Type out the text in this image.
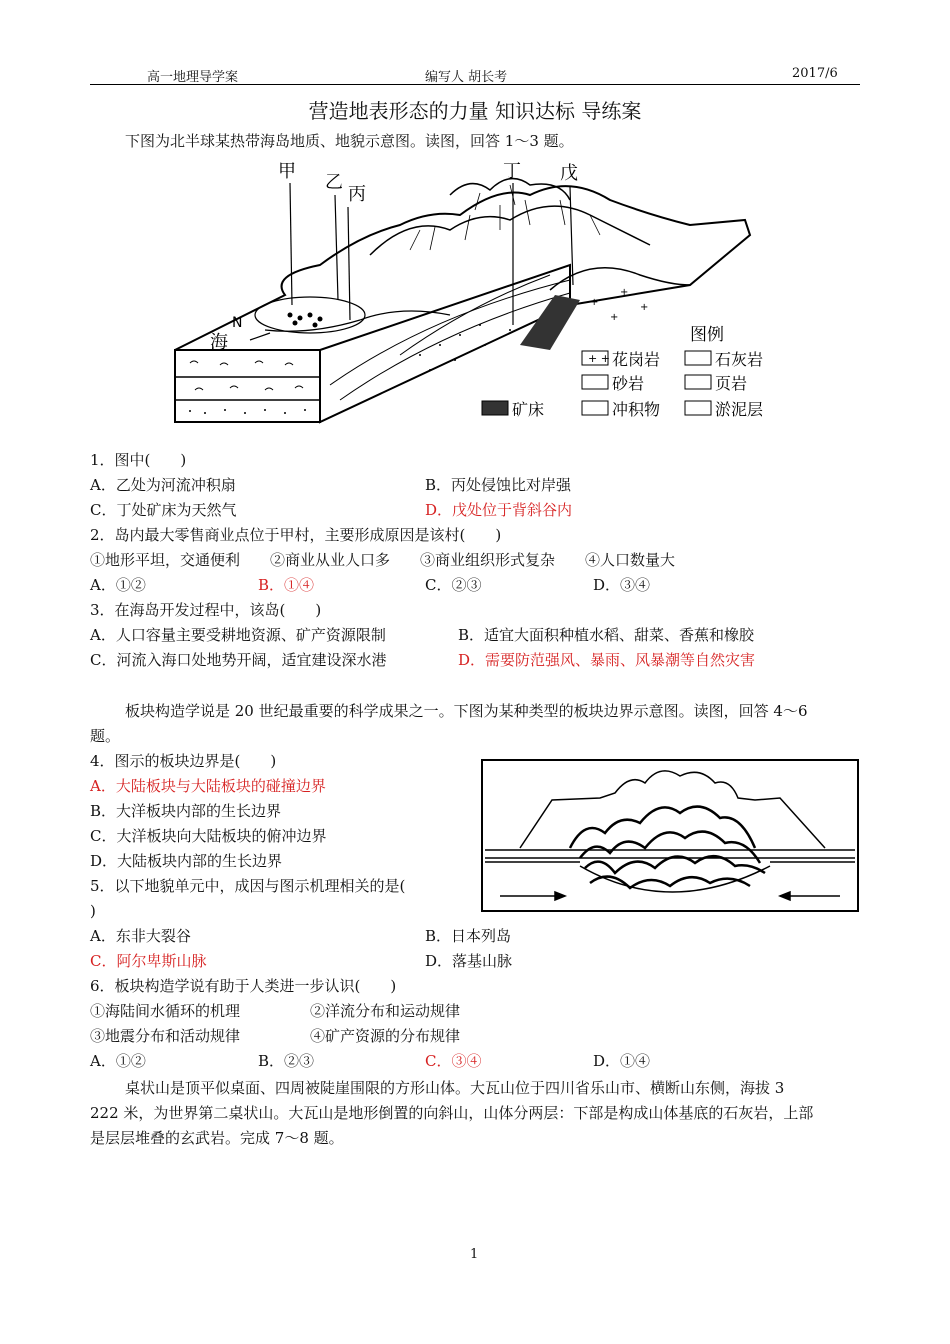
高一地理导学案	编写人 胡长考	2017/6
营造地表形态的力量 知识达标 导练案
下图为北半球某热带海岛地质、地貌示意图。读图，回答 1～3 题。
+
+
+
+
N
海
甲
乙
丙
丁 戊
图例
+ + 花岗岩	石灰岩
砂岩	页岩
矿床	冲积物	淤泥层
1．图中(　　)
A．乙处为河流冲积扇	B．丙处侵蚀比对岸强
C．丁处矿床为天然气	D．戊处位于背斜谷内
2．岛内最大零售商业点位于甲村，主要形成原因是该村(　　)
①地形平坦，交通便利　　②商业从业人口多　　③商业组织形式复杂　　④人口数量大
A．①②	B．①④	C．②③	D．③④
3．在海岛开发过程中，该岛(　　)
A．人口容量主要受耕地资源、矿产资源限制	B．适宜大面积种植水稻、甜菜、香蕉和橡胶
C．河流入海口处地势开阔，适宜建设深水港	D．需要防范强风、暴雨、风暴潮等自然灾害
板块构造学说是 20 世纪最重要的科学成果之一。下图为某种类型的板块边界示意图。读图，回答 4～6
题。
4．图示的板块边界是(　　)
A．大陆板块与大陆板块的碰撞边界
B．大洋板块内部的生长边界
C．大洋板块向大陆板块的俯冲边界
D．大陆板块内部的生长边界
5．以下地貌单元中，成因与图示机理相关的是(
)
A．东非大裂谷	B．日本列岛
C．阿尔卑斯山脉	D．落基山脉
6．板块构造学说有助于人类进一步认识(　　)
①海陆间水循环的机理	②洋流分布和运动规律
③地震分布和活动规律	④矿产资源的分布规律
A．①②	B．②③	C．③④	D．①④
桌状山是顶平似桌面、四周被陡崖围限的方形山体。大瓦山位于四川省乐山市、横断山东侧，海拔 3
222 米，为世界第二桌状山。大瓦山是地形倒置的向斜山，山体分两层：下部是构成山体基底的石灰岩，上部
是层层堆叠的玄武岩。完成 7～8 题。
1
